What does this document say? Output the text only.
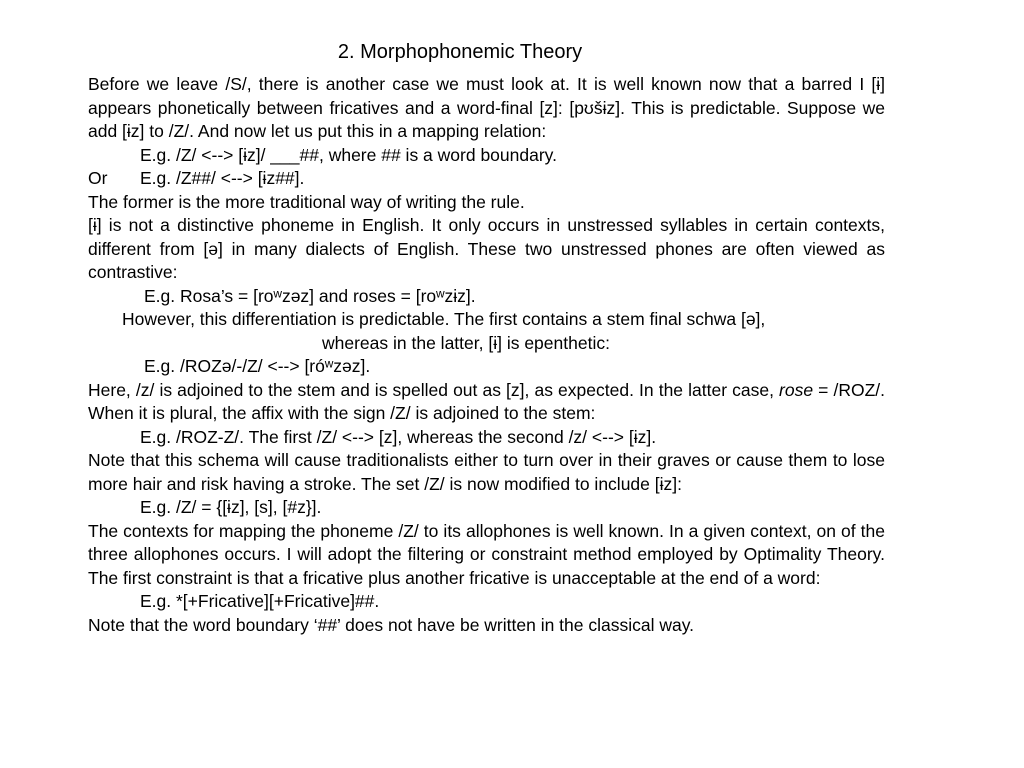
2. Morphophonemic Theory
Before we leave /S/, there is another case we must look at. It is well known now that a barred I [ɨ] appears phonetically between fricatives and a word-final [z]: [pʊšɨz]. This is predictable. Suppose we add [ɨz] to /Z/. And now let us put this in a mapping relation:
E.g. /Z/ <--> [ɨz]/ ___##, where ## is a word boundary.
Or E.g. /Z##/ <--> [ɨz##].
The former is the more traditional way of writing the rule.
[ɨ] is not a distinctive phoneme in English. It only occurs in unstressed syllables in certain contexts, different from [ə] in many dialects of English. These two unstressed phones are often viewed as contrastive:
E.g. Rosa’s = [roʷzəz] and roses = [roʷzɨz].
However, this differentiation is predictable. The first contains a stem final schwa [ə],
whereas in the latter, [ɨ] is epenthetic:
E.g. /ROZə/-/Z/ <--> [róʷzəz].
Here, /z/ is adjoined to the stem and is spelled out as [z], as expected. In the latter case, rose = /ROZ/. When it is plural, the affix with the sign /Z/ is adjoined to the stem:
E.g. /ROZ-Z/. The first /Z/ <--> [z], whereas the second /z/ <--> [ɨz].
Note that this schema will cause traditionalists either to turn over in their graves or cause them to lose more hair and risk having a stroke. The set /Z/ is now modified to include [ɨz]:
E.g. /Z/ = {[ɨz], [s], [#z}].
The contexts for mapping the phoneme /Z/ to its allophones is well known. In a given context, on of the three allophones occurs. I will adopt the filtering or constraint method employed by Optimality Theory. The first constraint is that a fricative plus another fricative is unacceptable at the end of a word:
E.g. *[+Fricative][+Fricative]##.
Note that the word boundary ‘##’ does not have be written in the classical way.
